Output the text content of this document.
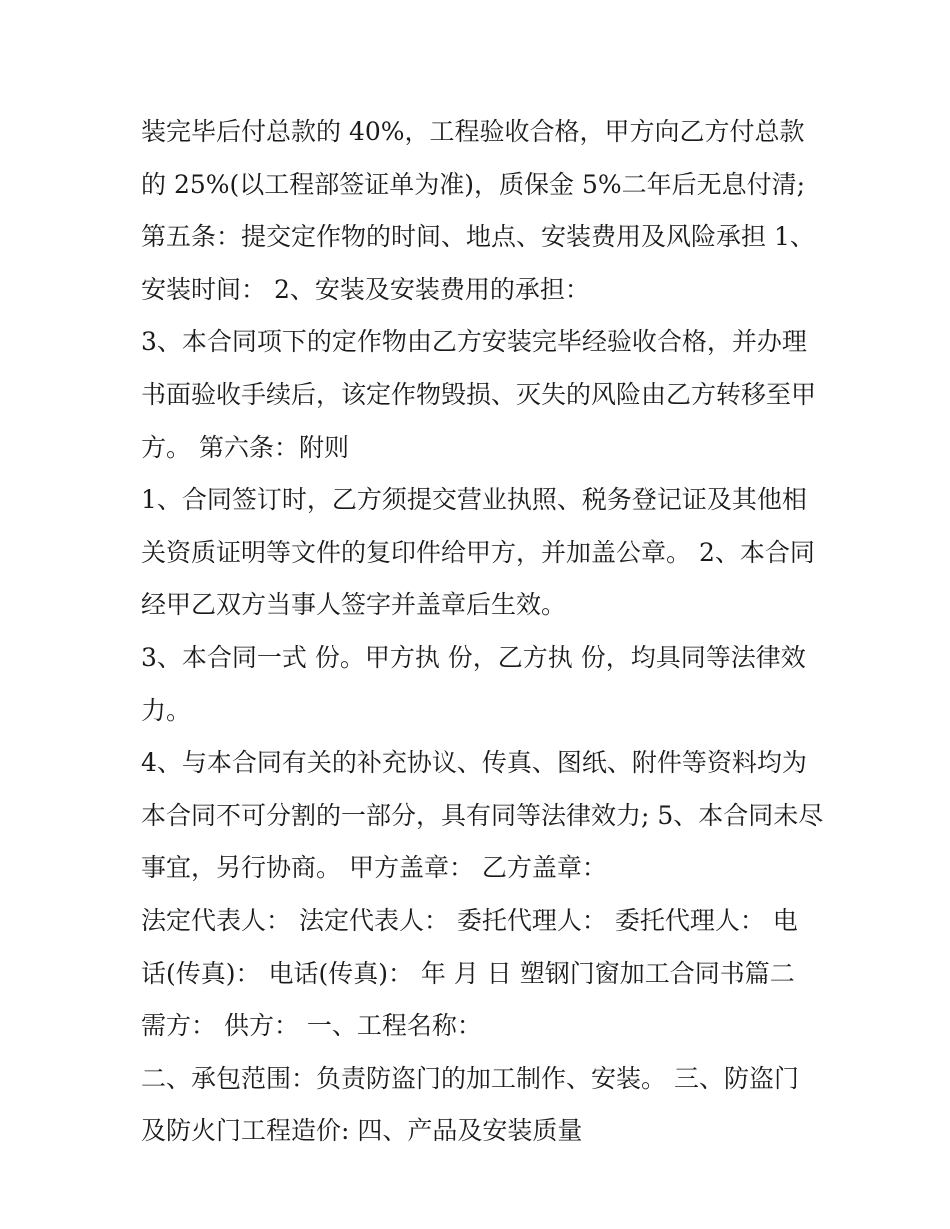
装完毕后付总款的 40%，工程验收合格，甲方向乙方付总款
的 25%(以工程部签证单为准)，质保金 5%二年后无息付清;
第五条：提交定作物的时间、地点、安装费用及风险承担 1、
安装时间： 2、安装及安装费用的承担：
3、本合同项下的定作物由乙方安装完毕经验收合格，并办理
书面验收手续后，该定作物毁损、灭失的风险由乙方转移至甲
方。 第六条：附则
1、合同签订时，乙方须提交营业执照、税务登记证及其他相
关资质证明等文件的复印件给甲方，并加盖公章。 2、本合同
经甲乙双方当事人签字并盖章后生效。
3、本合同一式 份。甲方执 份，乙方执 份，均具同等法律效
力。
4、与本合同有关的补充协议、传真、图纸、附件等资料均为
本合同不可分割的一部分，具有同等法律效力; 5、本合同未尽
事宜，另行协商。 甲方盖章： 乙方盖章：
法定代表人： 法定代表人： 委托代理人： 委托代理人： 电
话(传真)： 电话(传真)： 年 月 日 塑钢门窗加工合同书篇二
需方： 供方： 一、工程名称：
二、承包范围：负责防盗门的加工制作、安装。 三、防盗门
及防火门工程造价: 四、产品及安装质量
